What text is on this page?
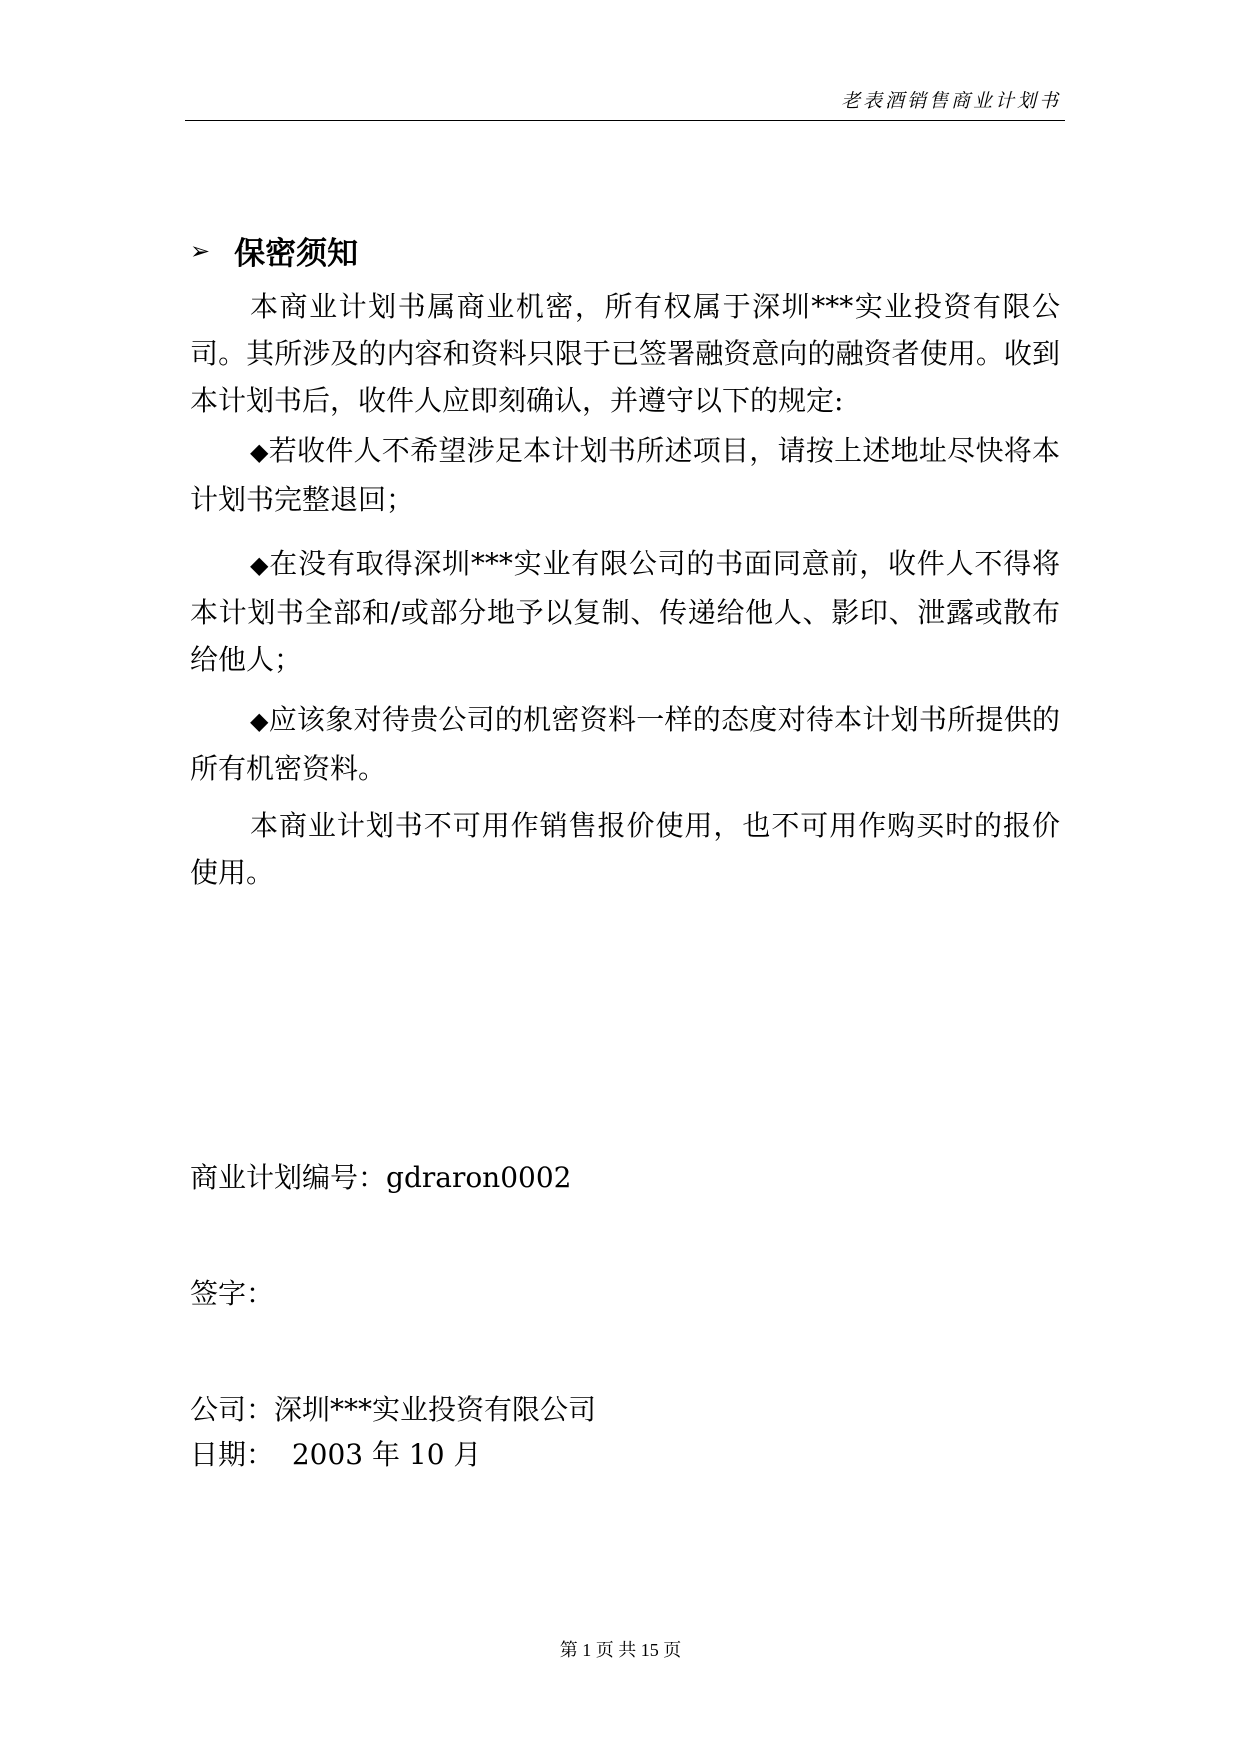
老表酒销售商业计划书
➢ 保密须知

本商业计划书属商业机密，所有权属于深圳***实业投资有限公司。其所涉及的内容和资料只限于已签署融资意向的融资者使用。收到本计划书后，收件人应即刻确认，并遵守以下的规定:

◆若收件人不希望涉足本计划书所述项目，请按上述地址尽快将本计划书完整退回；

◆在没有取得深圳***实业有限公司的书面同意前，收件人不得将本计划书全部和/或部分地予以复制、传递给他人、影印、泄露或散布给他人；

◆应该象对待贵公司的机密资料一样的态度对待本计划书所提供的所有机密资料。

本商业计划书不可用作销售报价使用，也不可用作购买时的报价使用。

商业计划编号：gdraron0002
签字：
公司：深圳***实业投资有限公司
日期：  2003 年 10 月
第 1 页 共 15 页
